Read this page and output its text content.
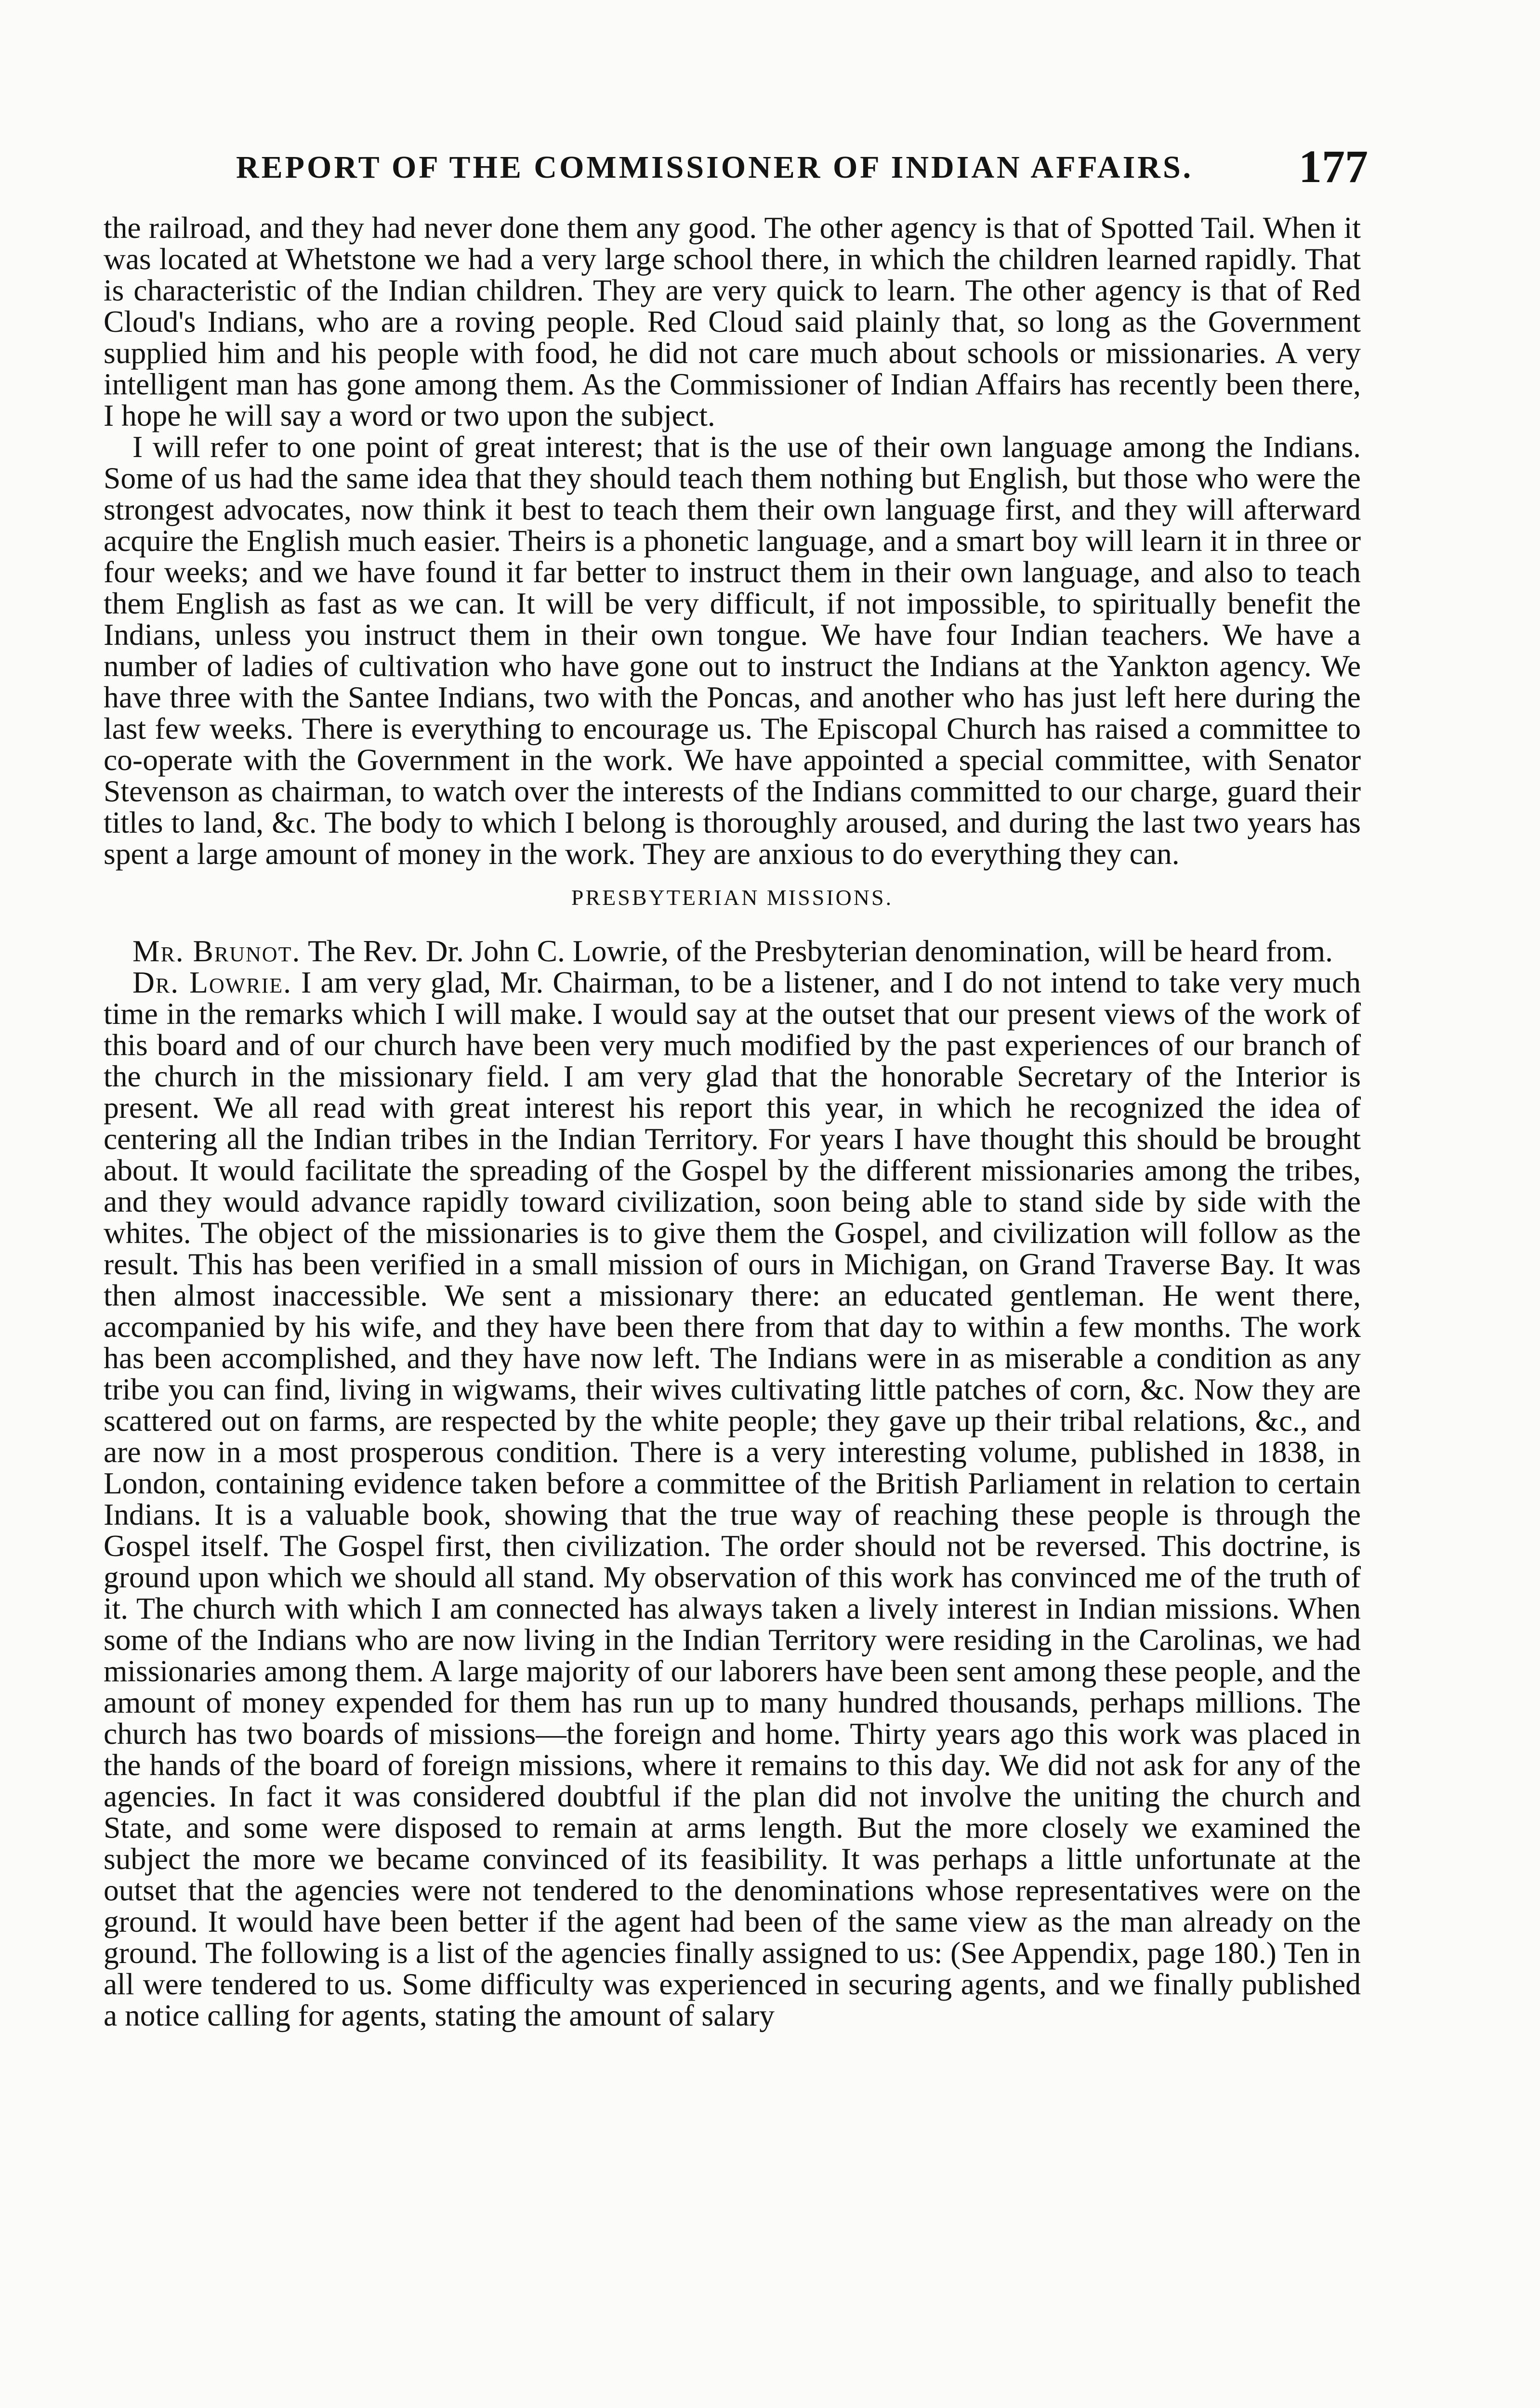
REPORT OF THE COMMISSIONER OF INDIAN AFFAIRS. 177

the railroad, and they had never done them any good. The other agency is that of Spotted Tail. When it was located at Whetstone we had a very large school there, in which the children learned rapidly. That is characteristic of the Indian children. They are very quick to learn. The other agency is that of Red Cloud's Indians, who are a roving people. Red Cloud said plainly that, so long as the Government supplied him and his people with food, he did not care much about schools or missionaries. A very intelligent man has gone among them. As the Commissioner of Indian Affairs has recently been there, I hope he will say a word or two upon the subject.

I will refer to one point of great interest; that is the use of their own language among the Indians. Some of us had the same idea that they should teach them nothing but English, but those who were the strongest advocates, now think it best to teach them their own language first, and they will afterward acquire the English much easier. Theirs is a phonetic language, and a smart boy will learn it in three or four weeks; and we have found it far better to instruct them in their own language, and also to teach them English as fast as we can. It will be very difficult, if not impossible, to spiritually benefit the Indians, unless you instruct them in their own tongue. We have four Indian teachers. We have a number of ladies of cultivation who have gone out to instruct the Indians at the Yankton agency. We have three with the Santee Indians, two with the Poncas, and another who has just left here during the last few weeks. There is everything to encourage us. The Episcopal Church has raised a committee to co-operate with the Government in the work. We have appointed a special committee, with Senator Stevenson as chairman, to watch over the interests of the Indians committed to our charge, guard their titles to land, &c. The body to which I belong is thoroughly aroused, and during the last two years has spent a large amount of money in the work. They are anxious to do everything they can.

PRESBYTERIAN MISSIONS.

Mr. Brunot. The Rev. Dr. John C. Lowrie, of the Presbyterian denomination, will be heard from.

Dr. Lowrie. I am very glad, Mr. Chairman, to be a listener, and I do not intend to take very much time in the remarks which I will make. I would say at the outset that our present views of the work of this board and of our church have been very much modified by the past experiences of our branch of the church in the missionary field. I am very glad that the honorable Secretary of the Interior is present. We all read with great interest his report this year, in which he recognized the idea of centering all the Indian tribes in the Indian Territory. For years I have thought this should be brought about. It would facilitate the spreading of the Gospel by the different missionaries among the tribes, and they would advance rapidly toward civilization, soon being able to stand side by side with the whites. The object of the missionaries is to give them the Gospel, and civilization will follow as the result. This has been verified in a small mission of ours in Michigan, on Grand Traverse Bay. It was then almost inaccessible. We sent a missionary there: an educated gentleman. He went there, accompanied by his wife, and they have been there from that day to within a few months. The work has been accomplished, and they have now left. The Indians were in as miserable a condition as any tribe you can find, living in wigwams, their wives cultivating little patches of corn, &c. Now they are scattered out on farms, are respected by the white people; they gave up their tribal relations, &c., and are now in a most prosperous condition. There is a very interesting volume, published in 1838, in London, containing evidence taken before a committee of the British Parliament in relation to certain Indians. It is a valuable book, showing that the true way of reaching these people is through the Gospel itself. The Gospel first, then civilization. The order should not be reversed. This doctrine, is ground upon which we should all stand. My observation of this work has convinced me of the truth of it. The church with which I am connected has always taken a lively interest in Indian missions. When some of the Indians who are now living in the Indian Territory were residing in the Carolinas, we had missionaries among them. A large majority of our laborers have been sent among these people, and the amount of money expended for them has run up to many hundred thousands, perhaps millions. The church has two boards of missions—the foreign and home. Thirty years ago this work was placed in the hands of the board of foreign missions, where it remains to this day. We did not ask for any of the agencies. In fact it was considered doubtful if the plan did not involve the uniting the church and State, and some were disposed to remain at arms length. But the more closely we examined the subject the more we became convinced of its feasibility. It was perhaps a little unfortunate at the outset that the agencies were not tendered to the denominations whose representatives were on the ground. It would have been better if the agent had been of the same view as the man already on the ground. The following is a list of the agencies finally assigned to us: (See Appendix, page 180.) Ten in all were tendered to us. Some difficulty was experienced in securing agents, and we finally published a notice calling for agents, stating the amount of salary
